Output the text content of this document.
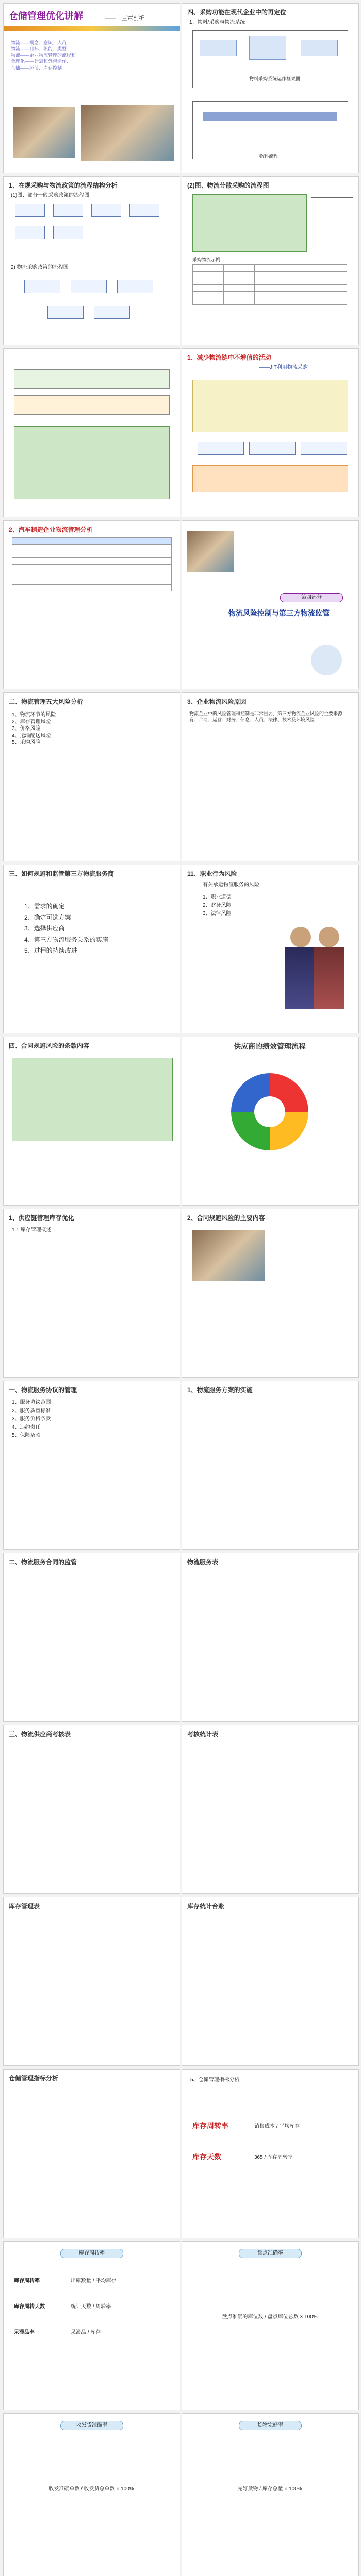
仓储管理优化讲解	——十三章剖析
物流——概念、意识、人员
物流——目标、职能、类型
物流——企业物流管理的流程和
合理化——计划和外包运作、
仓储——环节、库存控制
四、采购功能在现代企业中的再定位
1、物料/采购与物流系统
物料采购系统运作框架图
物料流程
1、在规采购与物流政策的流程结构分析
(1)图、部分一般采购政策的流程图
2) 物流采购政策的流程图
(2)图、物流分散采购的流程图
采购物流示例

1、减少物流链中不增值的活动
——JIT利用物流采购
2、汽车制造企业物流管理分析

第四部分
物流风险控制与第三方物流监管
二、物流管理五大风险分析
1、物流环节的风险
2、库存管理风险
3、价格风险
4、运输配送风险
5、采购风险
3、企业物流风险原因
物流企业中的风险管理和控制是非常重要，第三方物流企业风险的主要来源有：合同、运营、财务、信息、人员、法律、技术及环境风险
三、如何规避和监管第三方物流服务商
1、需求的确定
2、确定可选方案
3、选择供应商
4、第三方物流服务关系的实施
5、过程的持续改进
11、职业行为风险
有关承运物流服务的风险
1、职业道德
2、财务风险
3、法律风险
四、合同规避风险的条款内容	供应商的绩效管理流程
1、供应链管理库存优化
1.1 库存管理概述
2、合同规避风险的主要内容
一、物流服务协议的管理
1、服务协议范围
2、服务质量标准
3、服务价格条款
4、违约责任
5、保险条款
1、物流服务方案的实施
二、物流服务合同的监管	物流服务表
三、物流供应商考核表	考核统计表
库存管理表	库存统计台账
仓储管理指标分析	5、仓储管理指标分析
库存周转率	销售成本 / 平均库存
库存天数	365 / 库存周转率
库存周转率
库存周转率	出库数量 / 平均库存
库存周转天数	统计天数 / 周转率
呆滞品率	呆滞品 / 库存
盘点准确率
盘点准确的库位数 / 盘点库位总数 × 100%
收发货准确率
收发准确单数 / 收发货总单数 × 100%
货物完好率
完好货物 / 库存总量 × 100%
